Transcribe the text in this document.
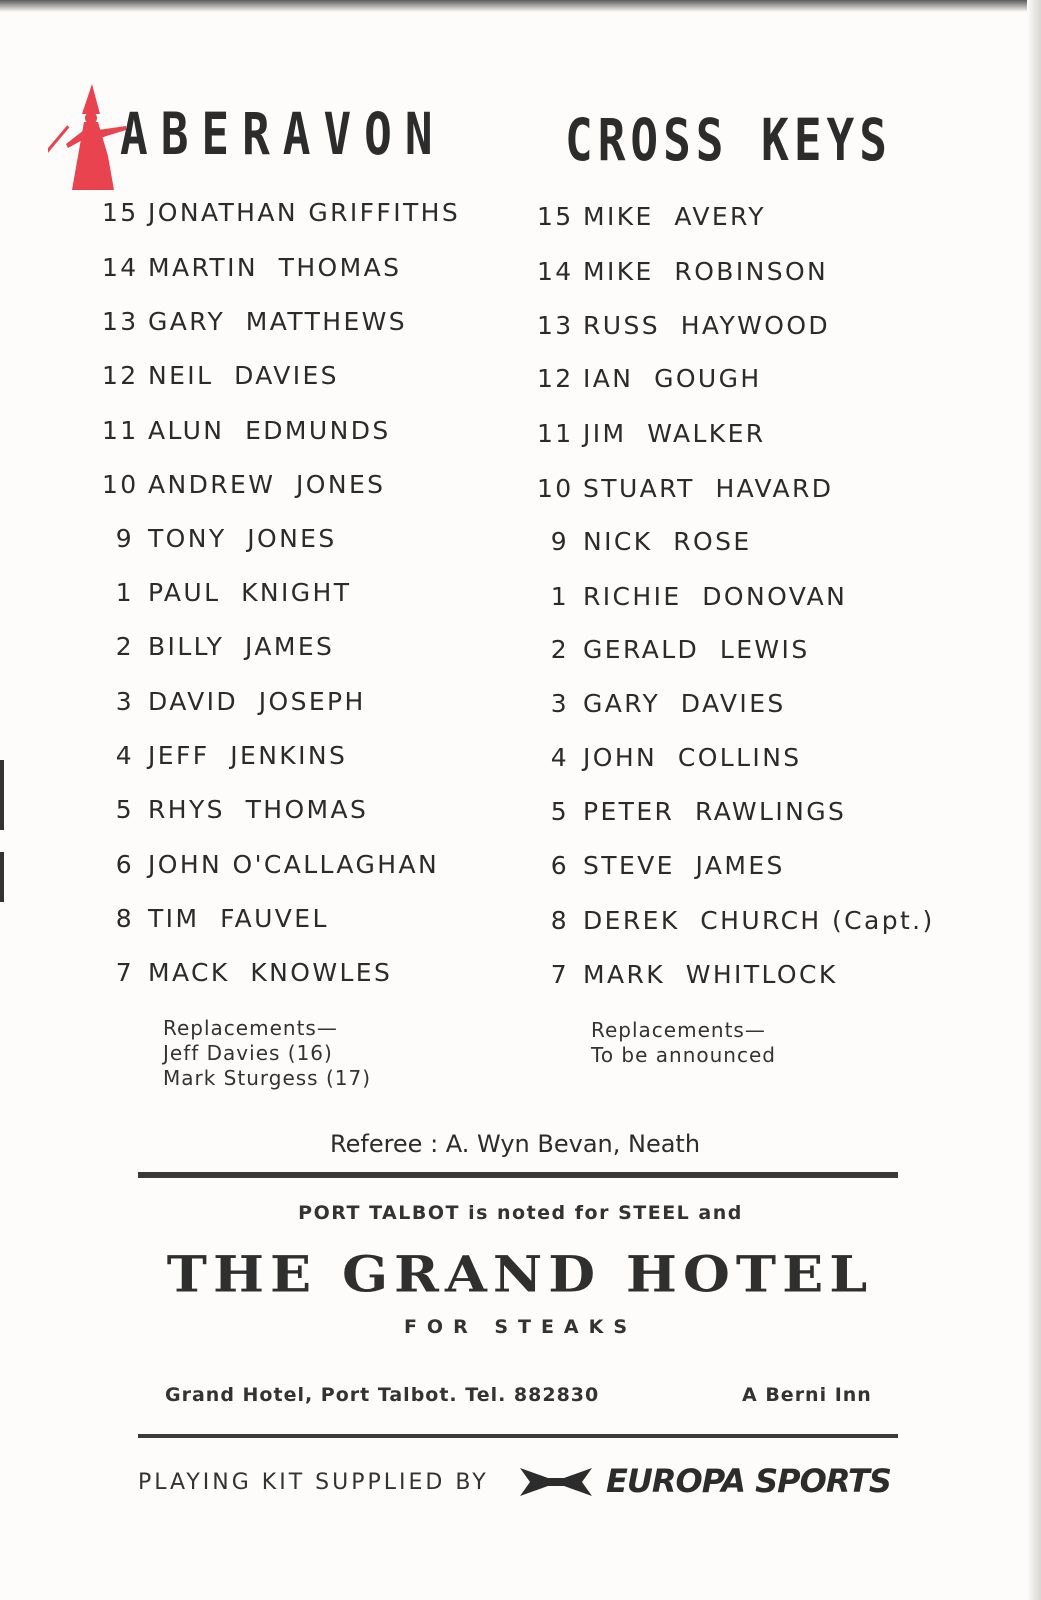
ABERAVON	CROSS KEYS
15 JONATHAN GRIFFITHS
14 MARTIN  THOMAS
13 GARY  MATTHEWS
12 NEIL  DAVIES
11 ALUN  EDMUNDS
10 ANDREW  JONES
9 TONY  JONES
1 PAUL  KNIGHT
2 BILLY  JAMES
3 DAVID  JOSEPH
4 JEFF  JENKINS
5 RHYS  THOMAS
6 JOHN O'CALLAGHAN
8 TIM  FAUVEL
7 MACK  KNOWLES
15 MIKE  AVERY
14 MIKE  ROBINSON
13 RUSS  HAYWOOD
12 IAN  GOUGH
11 JIM  WALKER
10 STUART  HAVARD
9 NICK  ROSE
1 RICHIE  DONOVAN
2 GERALD  LEWIS
3 GARY  DAVIES
4 JOHN  COLLINS
5 PETER  RAWLINGS
6 STEVE  JAMES
8 DEREK  CHURCH (Capt.)
7 MARK  WHITLOCK
Replacements—
Jeff Davies (16)
Mark Sturgess (17)
Replacements—
To be announced
Referee : A. Wyn Bevan, Neath
PORT TALBOT is noted for STEEL and
THE GRAND HOTEL
FOR STEAKS
Grand Hotel, Port Talbot. Tel. 882830	A Berni Inn
PLAYING KIT SUPPLIED BY	EUROPA SPORTS
